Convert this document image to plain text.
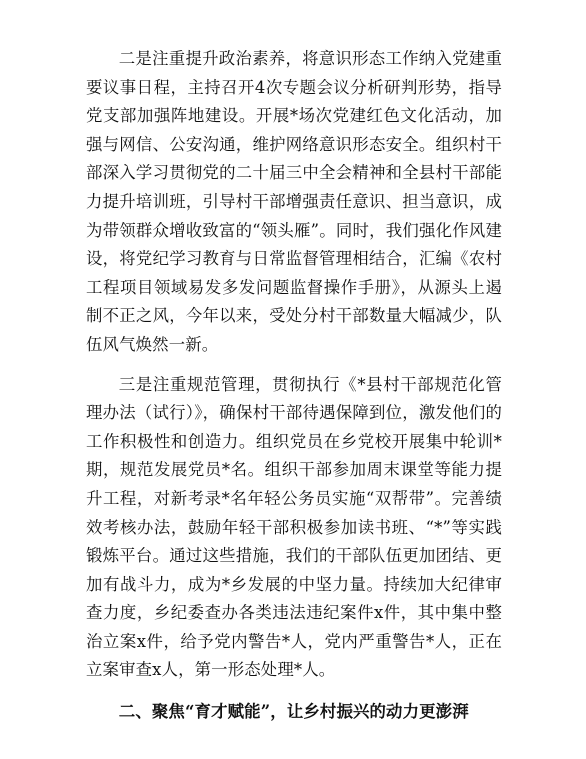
二是注重提升政治素养，将意识形态工作纳入党建重要议事日程，主持召开4次专题会议分析研判形势，指导党支部加强阵地建设。开展*场次党建红色文化活动，加强与网信、公安沟通，维护网络意识形态安全。组织村干部深入学习贯彻党的二十届三中全会精神和全县村干部能力提升培训班，引导村干部增强责任意识、担当意识，成为带领群众增收致富的“领头雁”。同时，我们强化作风建设，将党纪学习教育与日常监督管理相结合，汇编《农村工程项目领域易发多发问题监督操作手册》，从源头上遏制不正之风，今年以来，受处分村干部数量大幅减少，队伍风气焕然一新。

三是注重规范管理，贯彻执行《*县村干部规范化管理办法（试行）》，确保村干部待遇保障到位，激发他们的工作积极性和创造力。组织党员在乡党校开展集中轮训*期，规范发展党员*名。组织干部参加周末课堂等能力提升工程，对新考录*名年轻公务员实施“双帮带”。完善绩效考核办法，鼓励年轻干部积极参加读书班、“*”等实践锻炼平台。通过这些措施，我们的干部队伍更加团结、更加有战斗力，成为*乡发展的中坚力量。持续加大纪律审查力度，乡纪委查办各类违法违纪案件x件，其中集中整治立案x件，给予党内警告*人，党内严重警告*人，正在立案审查x人，第一形态处理*人。

二、聚焦“育才赋能”，让乡村振兴的动力更澎湃
